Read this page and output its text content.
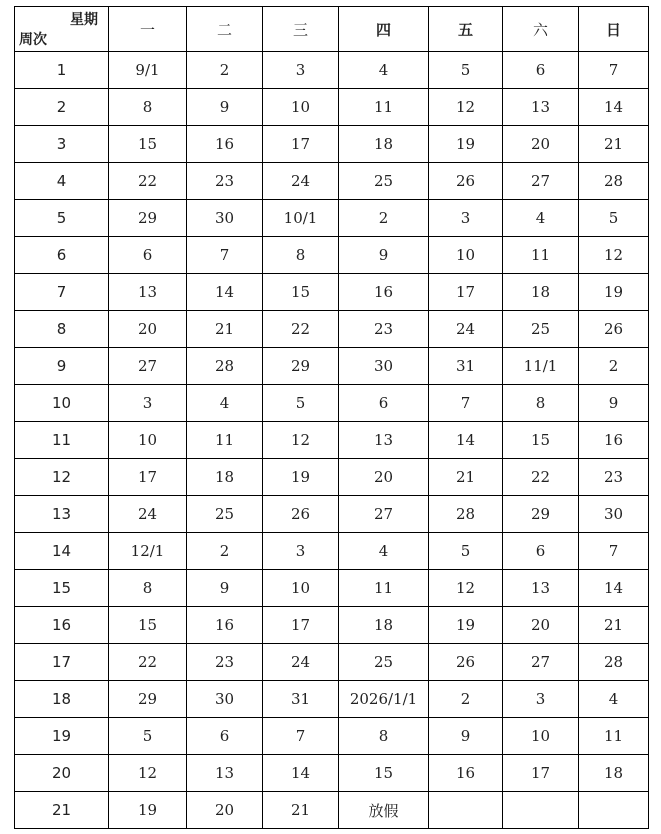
星期
周次	一	二	三	四	五	六	日
1	9/1	2	3	4	5	6	7
2	8	9	10	11	12	13	14
3	15	16	17	18	19	20	21
4	22	23	24	25	26	27	28
5	29	30	10/1	2	3	4	5
6	6	7	8	9	10	11	12
7	13	14	15	16	17	18	19
8	20	21	22	23	24	25	26
9	27	28	29	30	31	11/1	2
10	3	4	5	6	7	8	9
11	10	11	12	13	14	15	16
12	17	18	19	20	21	22	23
13	24	25	26	27	28	29	30
14	12/1	2	3	4	5	6	7
15	8	9	10	11	12	13	14
16	15	16	17	18	19	20	21
17	22	23	24	25	26	27	28
18	29	30	31	2026/1/1	2	3	4
19	5	6	7	8	9	10	11
20	12	13	14	15	16	17	18
21	19	20	21	放假			
